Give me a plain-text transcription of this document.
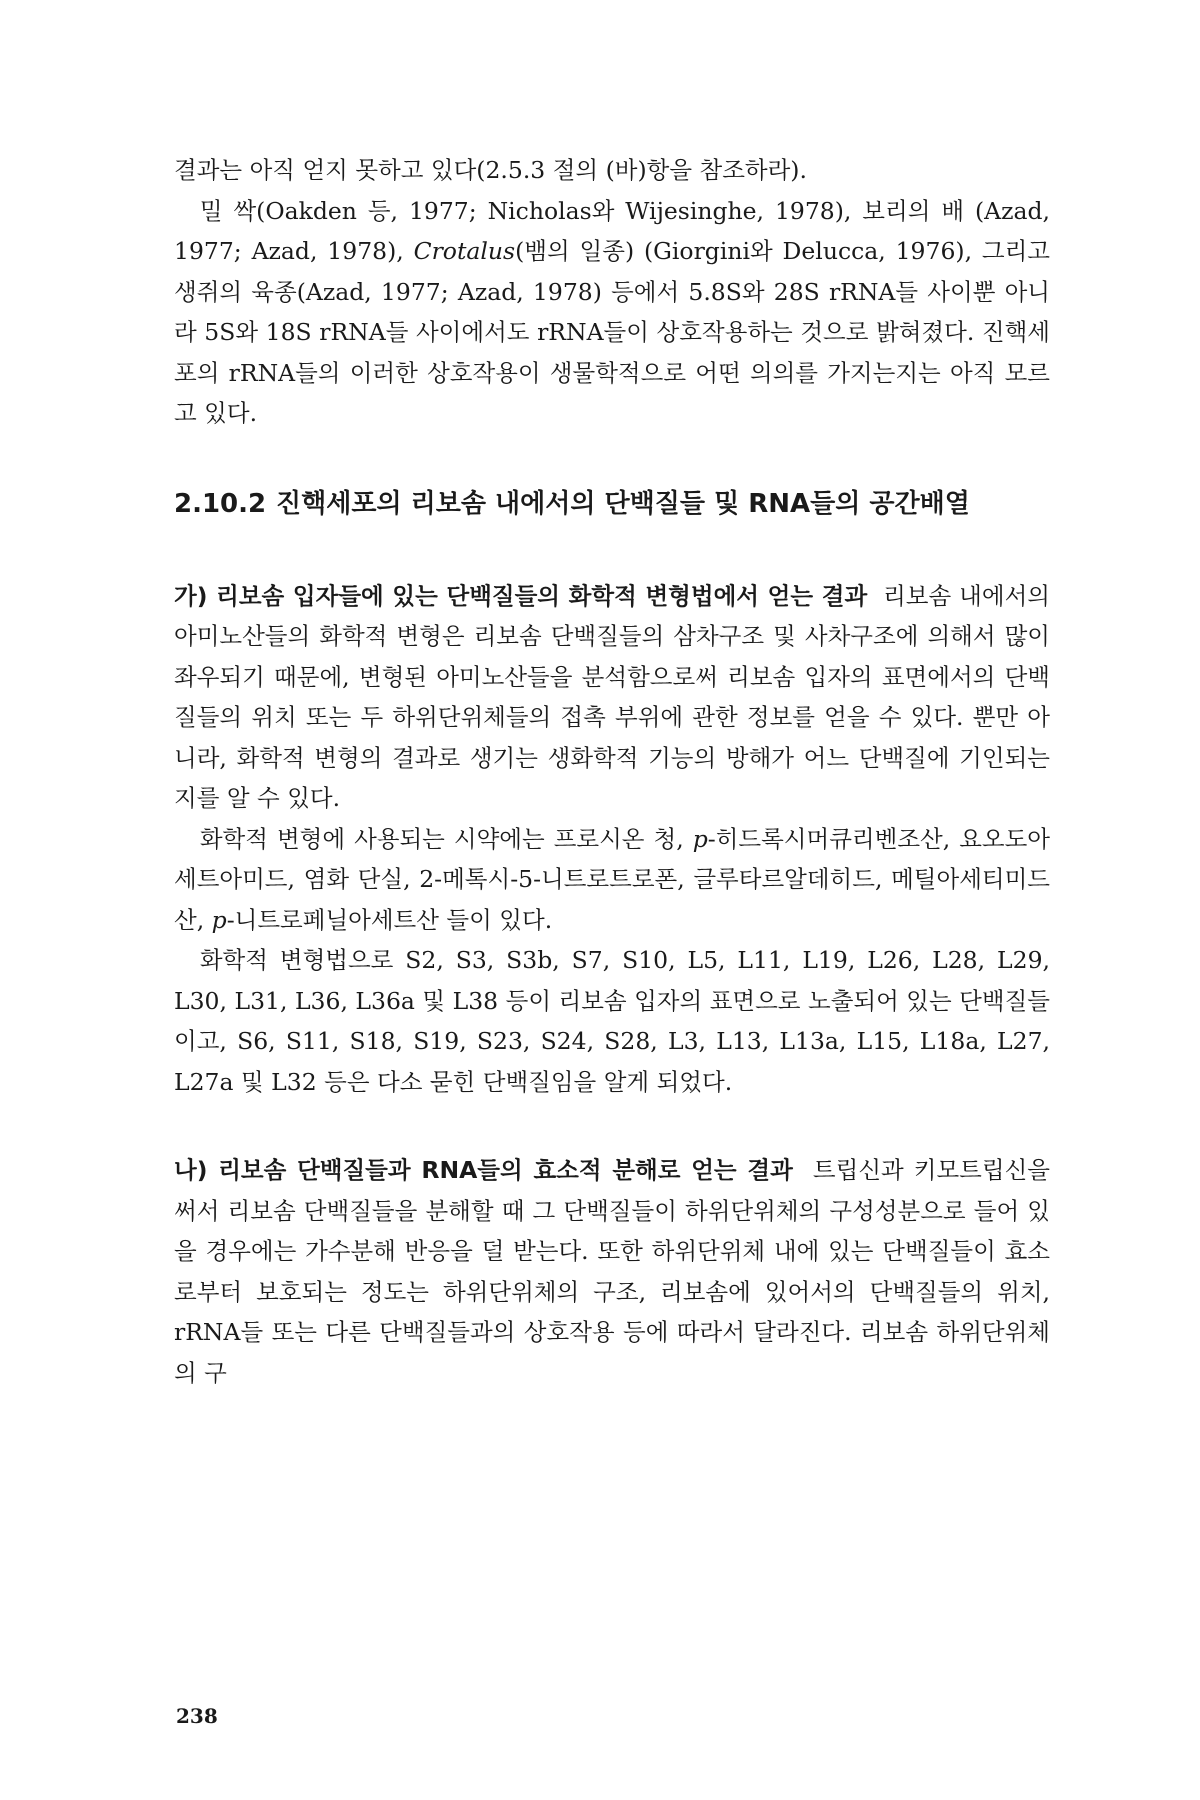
결과는 아직 얻지 못하고 있다(2.5.3 절의 (바)항을 참조하라).

밀 싹(Oakden 등, 1977; Nicholas와 Wijesinghe, 1978), 보리의 배 (Azad, 1977; Azad, 1978), Crotalus(뱀의 일종) (Giorgini와 Delucca, 1976), 그리고 생쥐의 육종(Azad, 1977; Azad, 1978) 등에서 5.8S와 28S rRNA들 사이뿐 아니라 5S와 18S rRNA들 사이에서도 rRNA들이 상호작용하는 것으로 밝혀졌다. 진핵세포의 rRNA들의 이러한 상호작용이 생물학적으로 어떤 의의를 가지는지는 아직 모르고 있다.

2.10.2 진핵세포의 리보솜 내에서의 단백질들 및 RNA들의 공간배열

가) 리보솜 입자들에 있는 단백질들의 화학적 변형법에서 얻는 결과 리보솜 내에서의 아미노산들의 화학적 변형은 리보솜 단백질들의 삼차구조 및 사차구조에 의해서 많이 좌우되기 때문에, 변형된 아미노산들을 분석함으로써 리보솜 입자의 표면에서의 단백질들의 위치 또는 두 하위단위체들의 접촉 부위에 관한 정보를 얻을 수 있다. 뿐만 아니라, 화학적 변형의 결과로 생기는 생화학적 기능의 방해가 어느 단백질에 기인되는지를 알 수 있다.

화학적 변형에 사용되는 시약에는 프로시온 청, p-히드록시머큐리벤조산, 요오도아세트아미드, 염화 단실, 2-메톡시-5-니트로트로폰, 글루타르알데히드, 메틸아세티미드산, p-니트로페닐아세트산 들이 있다.

화학적 변형법으로 S2, S3, S3b, S7, S10, L5, L11, L19, L26, L28, L29, L30, L31, L36, L36a 및 L38 등이 리보솜 입자의 표면으로 노출되어 있는 단백질들이고, S6, S11, S18, S19, S23, S24, S28, L3, L13, L13a, L15, L18a, L27, L27a 및 L32 등은 다소 묻힌 단백질임을 알게 되었다.

나) 리보솜 단백질들과 RNA들의 효소적 분해로 얻는 결과 트립신과 키모트립신을 써서 리보솜 단백질들을 분해할 때 그 단백질들이 하위단위체의 구성성분으로 들어 있을 경우에는 가수분해 반응을 덜 받는다. 또한 하위단위체 내에 있는 단백질들이 효소로부터 보호되는 정도는 하위단위체의 구조, 리보솜에 있어서의 단백질들의 위치, rRNA들 또는 다른 단백질들과의 상호작용 등에 따라서 달라진다. 리보솜 하위단위체의 구

238
